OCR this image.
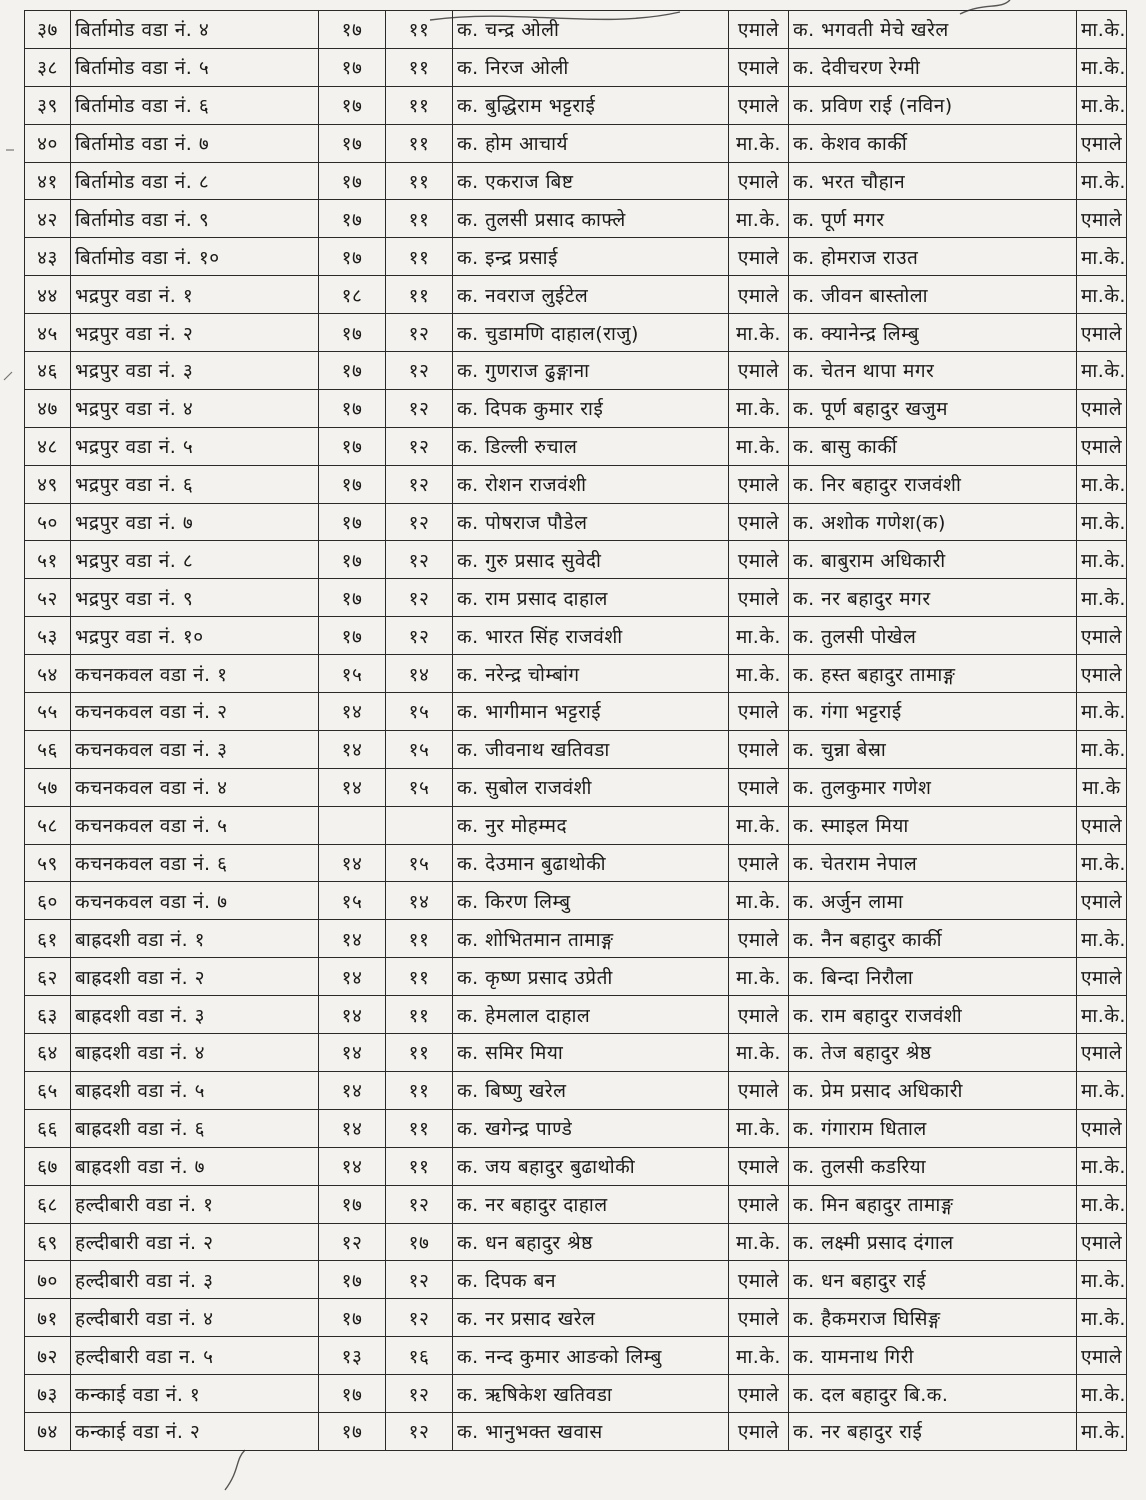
३७	बिर्तामोड वडा नं. ४	१७	११	क. चन्द्र ओली	एमाले	क. भगवती मेचे खरेल	मा.के.
३८	बिर्तामोड वडा नं. ५	१७	११	क. निरज ओली	एमाले	क. देवीचरण रेग्मी	मा.के.
३९	बिर्तामोड वडा नं. ६	१७	११	क. बुद्धिराम भट्टराई	एमाले	क. प्रविण राई (नविन)	मा.के.
४०	बिर्तामोड वडा नं. ७	१७	११	क. होम आचार्य	मा.के.	क. केशव कार्की	एमाले
४१	बिर्तामोड वडा नं. ८	१७	११	क. एकराज बिष्ट	एमाले	क. भरत चौहान	मा.के.
४२	बिर्तामोड वडा नं. ९	१७	११	क. तुलसी प्रसाद काफ्ले	मा.के.	क. पूर्ण मगर	एमाले
४३	बिर्तामोड वडा नं. १०	१७	११	क. इन्द्र प्रसाई	एमाले	क. होमराज राउत	मा.के.
४४	भद्रपुर वडा नं. १	१८	११	क. नवराज लुईटेल	एमाले	क. जीवन बास्तोला	मा.के.
४५	भद्रपुर वडा नं. २	१७	१२	क. चुडामणि दाहाल(राजु)	मा.के.	क. क्यानेन्द्र लिम्बु	एमाले
४६	भद्रपुर वडा नं. ३	१७	१२	क. गुणराज ढुङ्गाना	एमाले	क. चेतन थापा मगर	मा.के.
४७	भद्रपुर वडा नं. ४	१७	१२	क. दिपक कुमार राई	मा.के.	क. पूर्ण बहादुर खजुम	एमाले
४८	भद्रपुर वडा नं. ५	१७	१२	क. डिल्ली रुचाल	मा.के.	क. बासु कार्की	एमाले
४९	भद्रपुर वडा नं. ६	१७	१२	क. रोशन राजवंशी	एमाले	क. निर बहादुर राजवंशी	मा.के.
५०	भद्रपुर वडा नं. ७	१७	१२	क. पोषराज पौडेल	एमाले	क. अशोक गणेश(क)	मा.के.
५१	भद्रपुर वडा नं. ८	१७	१२	क. गुरु प्रसाद सुवेदी	एमाले	क. बाबुराम अधिकारी	मा.के.
५२	भद्रपुर वडा नं. ९	१७	१२	क. राम प्रसाद दाहाल	एमाले	क. नर बहादुर मगर	मा.के.
५३	भद्रपुर वडा नं. १०	१७	१२	क. भारत सिंह राजवंशी	मा.के.	क. तुलसी पोखेल	एमाले
५४	कचनकवल वडा नं. १	१५	१४	क. नरेन्द्र चोम्बांग	मा.के.	क. हस्त बहादुर तामाङ्ग	एमाले
५५	कचनकवल वडा नं. २	१४	१५	क. भागीमान भट्टराई	एमाले	क. गंगा भट्टराई	मा.के.
५६	कचनकवल वडा नं. ३	१४	१५	क. जीवनाथ खतिवडा	एमाले	क. चुन्ना बेस्रा	मा.के.
५७	कचनकवल वडा नं. ४	१४	१५	क. सुबोल राजवंशी	एमाले	क. तुलकुमार गणेश	मा.के
५८	कचनकवल वडा नं. ५			क. नुर मोहम्मद	मा.के.	क. स्माइल मिया	एमाले
५९	कचनकवल वडा नं. ६	१४	१५	क. देउमान बुढाथोकी	एमाले	क. चेतराम नेपाल	मा.के.
६०	कचनकवल वडा नं. ७	१५	१४	क. किरण लिम्बु	मा.के.	क. अर्जुन लामा	एमाले
६१	बाह्रदशी वडा नं. १	१४	११	क. शोभितमान तामाङ्ग	एमाले	क. नैन बहादुर कार्की	मा.के.
६२	बाह्रदशी वडा नं. २	१४	११	क. कृष्ण प्रसाद उप्रेती	मा.के.	क. बिन्दा निरौला	एमाले
६३	बाह्रदशी वडा नं. ३	१४	११	क. हेमलाल दाहाल	एमाले	क. राम बहादुर राजवंशी	मा.के.
६४	बाह्रदशी वडा नं. ४	१४	११	क. समिर मिया	मा.के.	क. तेज बहादुर श्रेष्ठ	एमाले
६५	बाह्रदशी वडा नं. ५	१४	११	क. बिष्णु खरेल	एमाले	क. प्रेम प्रसाद अधिकारी	मा.के.
६६	बाह्रदशी वडा नं. ६	१४	११	क. खगेन्द्र पाण्डे	मा.के.	क. गंगाराम धिताल	एमाले
६७	बाह्रदशी वडा नं. ७	१४	११	क. जय बहादुर बुढाथोकी	एमाले	क. तुलसी कडरिया	मा.के.
६८	हल्दीबारी वडा नं. १	१७	१२	क. नर बहादुर दाहाल	एमाले	क. मिन बहादुर तामाङ्ग	मा.के.
६९	हल्दीबारी वडा नं. २	१२	१७	क. धन बहादुर श्रेष्ठ	मा.के.	क. लक्ष्मी प्रसाद दंगाल	एमाले
७०	हल्दीबारी वडा नं. ३	१७	१२	क. दिपक बन	एमाले	क. धन बहादुर राई	मा.के.
७१	हल्दीबारी वडा नं. ४	१७	१२	क. नर प्रसाद खरेल	एमाले	क. हैकमराज घिसिङ्ग	मा.के.
७२	हल्दीबारी वडा न. ५	१३	१६	क. नन्द कुमार आङको लिम्बु	मा.के.	क. यामनाथ गिरी	एमाले
७३	कन्काई वडा नं. १	१७	१२	क. ऋषिकेश खतिवडा	एमाले	क. दल बहादुर बि.क.	मा.के.
७४	कन्काई वडा नं. २	१७	१२	क. भानुभक्त खवास	एमाले	क. नर बहादुर राई	मा.के.
